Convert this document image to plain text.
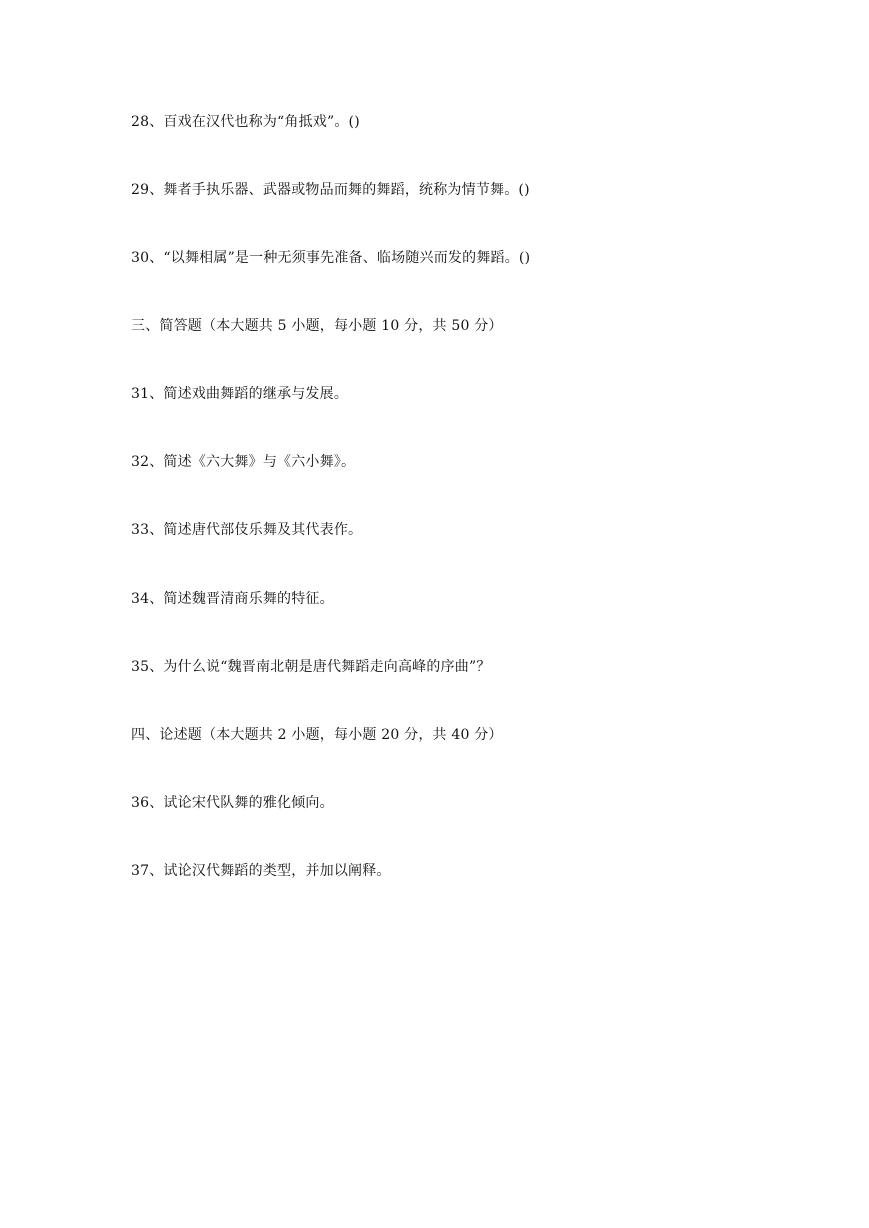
28、百戏在汉代也称为“角抵戏”。()
29、舞者手执乐器、武器或物品而舞的舞蹈，统称为情节舞。()
30、“以舞相属”是一种无须事先准备、临场随兴而发的舞蹈。()
三、简答题（本大题共 5 小题，每小题 10 分，共 50 分）
31、简述戏曲舞蹈的继承与发展。
32、简述《六大舞》与《六小舞》。
33、简述唐代部伎乐舞及其代表作。
34、简述魏晋清商乐舞的特征。
35、为什么说“魏晋南北朝是唐代舞蹈走向高峰的序曲”？
四、论述题（本大题共 2 小题，每小题 20 分，共 40 分）
36、试论宋代队舞的雅化倾向。
37、试论汉代舞蹈的类型，并加以阐释。
